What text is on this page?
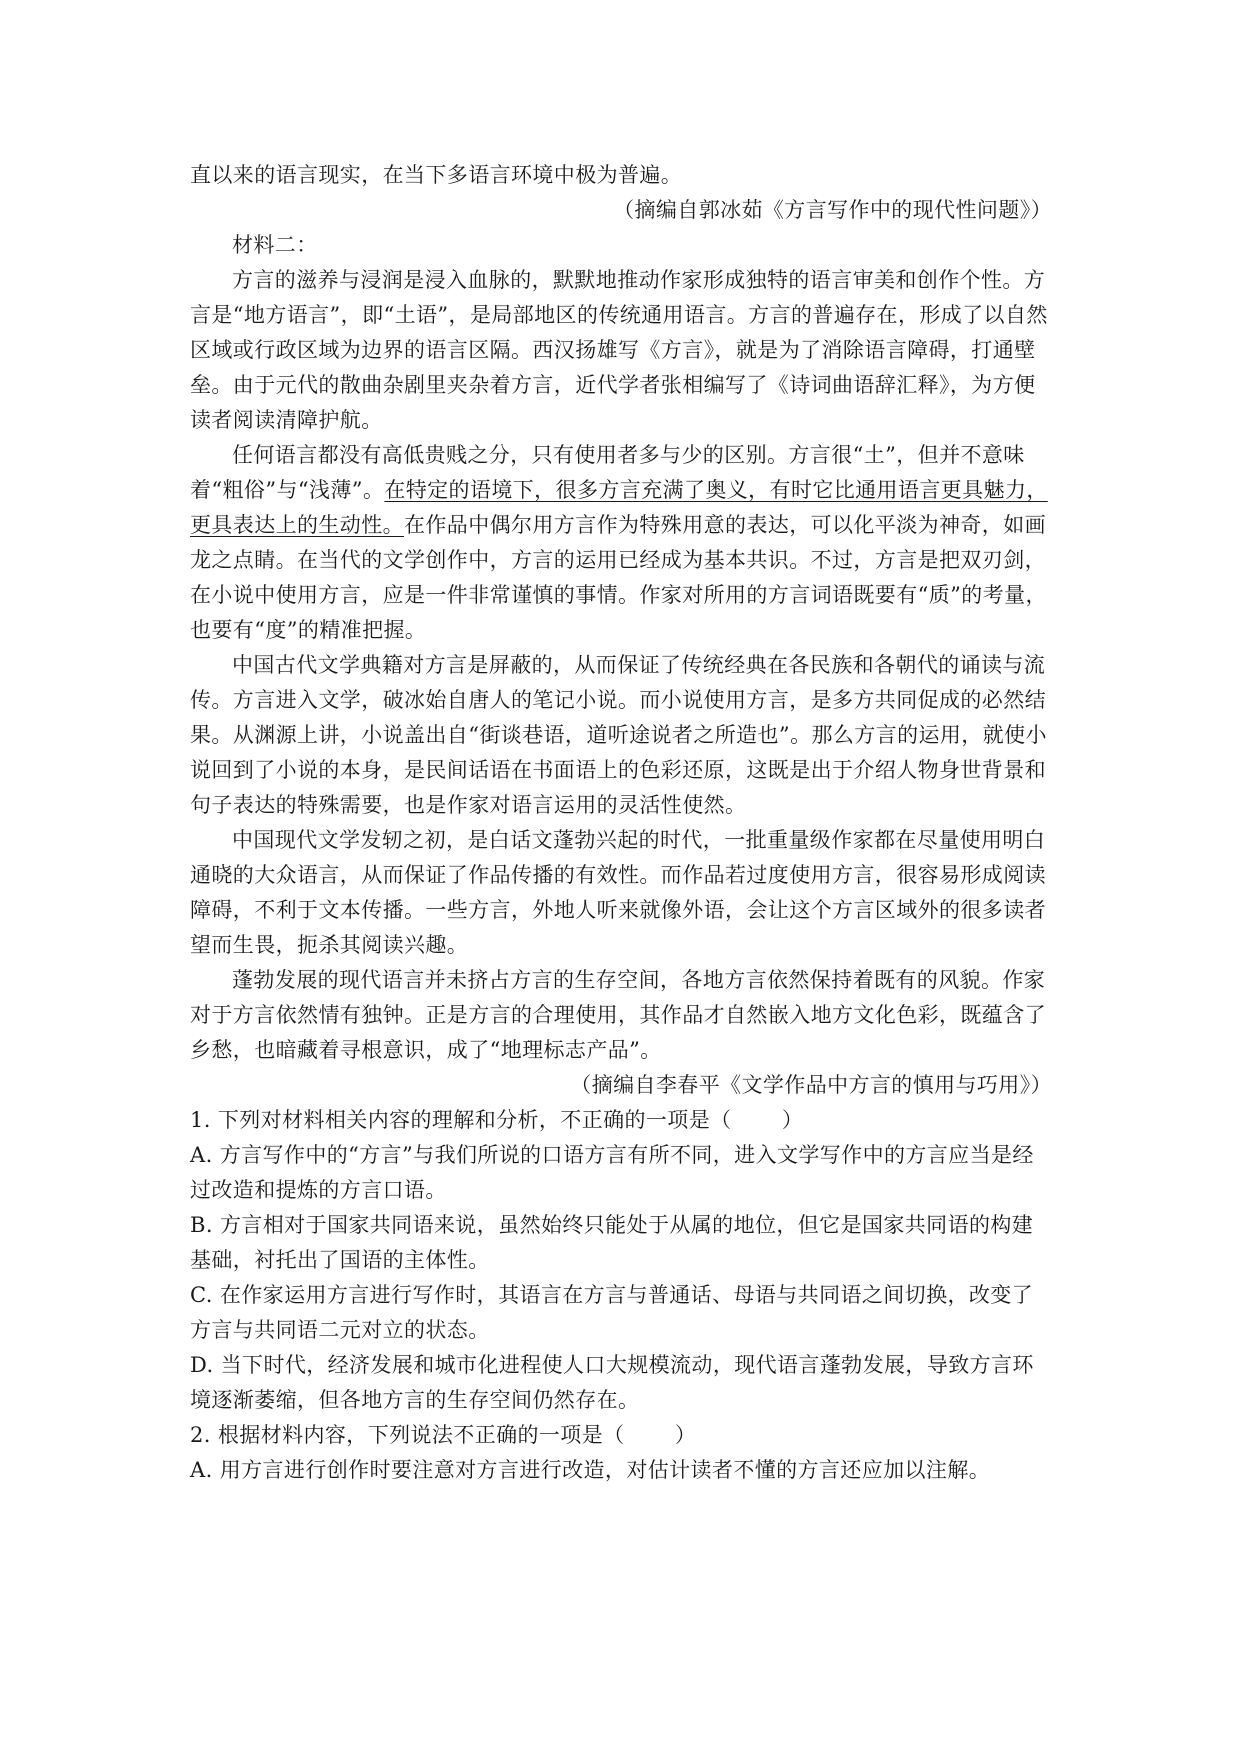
直以来的语言现实，在当下多语言环境中极为普遍。

（摘编自郭冰茹《方言写作中的现代性问题》）

材料二：

方言的滋养与浸润是浸入血脉的，默默地推动作家形成独特的语言审美和创作个性。方言是“地方语言”，即“土语”，是局部地区的传统通用语言。方言的普遍存在，形成了以自然区域或行政区域为边界的语言区隔。西汉扬雄写《方言》，就是为了消除语言障碍，打通壁垒。由于元代的散曲杂剧里夹杂着方言，近代学者张相编写了《诗词曲语辞汇释》，为方便读者阅读清障护航。

任何语言都没有高低贵贱之分，只有使用者多与少的区别。方言很“土”，但并不意味着“粗俗”与“浅薄”。在特定的语境下，很多方言充满了奥义，有时它比通用语言更具魅力，更具表达上的生动性。在作品中偶尔用方言作为特殊用意的表达，可以化平淡为神奇，如画龙之点睛。在当代的文学创作中，方言的运用已经成为基本共识。不过，方言是把双刃剑，在小说中使用方言，应是一件非常谨慎的事情。作家对所用的方言词语既要有“质”的考量，也要有“度”的精准把握。

中国古代文学典籍对方言是屏蔽的，从而保证了传统经典在各民族和各朝代的诵读与流传。方言进入文学，破冰始自唐人的笔记小说。而小说使用方言，是多方共同促成的必然结果。从渊源上讲，小说盖出自“街谈巷语，道听途说者之所造也”。那么方言的运用，就使小说回到了小说的本身，是民间话语在书面语上的色彩还原，这既是出于介绍人物身世背景和句子表达的特殊需要，也是作家对语言运用的灵活性使然。

中国现代文学发轫之初，是白话文蓬勃兴起的时代，一批重量级作家都在尽量使用明白通晓的大众语言，从而保证了作品传播的有效性。而作品若过度使用方言，很容易形成阅读障碍，不利于文本传播。一些方言，外地人听来就像外语，会让这个方言区域外的很多读者望而生畏，扼杀其阅读兴趣。

蓬勃发展的现代语言并未挤占方言的生存空间，各地方言依然保持着既有的风貌。作家对于方言依然情有独钟。正是方言的合理使用，其作品才自然嵌入地方文化色彩，既蕴含了乡愁，也暗藏着寻根意识，成了“地理标志产品”。

（摘编自李春平《文学作品中方言的慎用与巧用》）

1. 下列对材料相关内容的理解和分析，不正确的一项是（ ）

A. 方言写作中的“方言”与我们所说的口语方言有所不同，进入文学写作中的方言应当是经过改造和提炼的方言口语。

B. 方言相对于国家共同语来说，虽然始终只能处于从属的地位，但它是国家共同语的构建基础，衬托出了国语的主体性。

C. 在作家运用方言进行写作时，其语言在方言与普通话、母语与共同语之间切换，改变了方言与共同语二元对立的状态。

D. 当下时代，经济发展和城市化进程使人口大规模流动，现代语言蓬勃发展，导致方言环境逐渐萎缩，但各地方言的生存空间仍然存在。

2. 根据材料内容，下列说法不正确的一项是（ ）

A. 用方言进行创作时要注意对方言进行改造，对估计读者不懂的方言还应加以注解。
